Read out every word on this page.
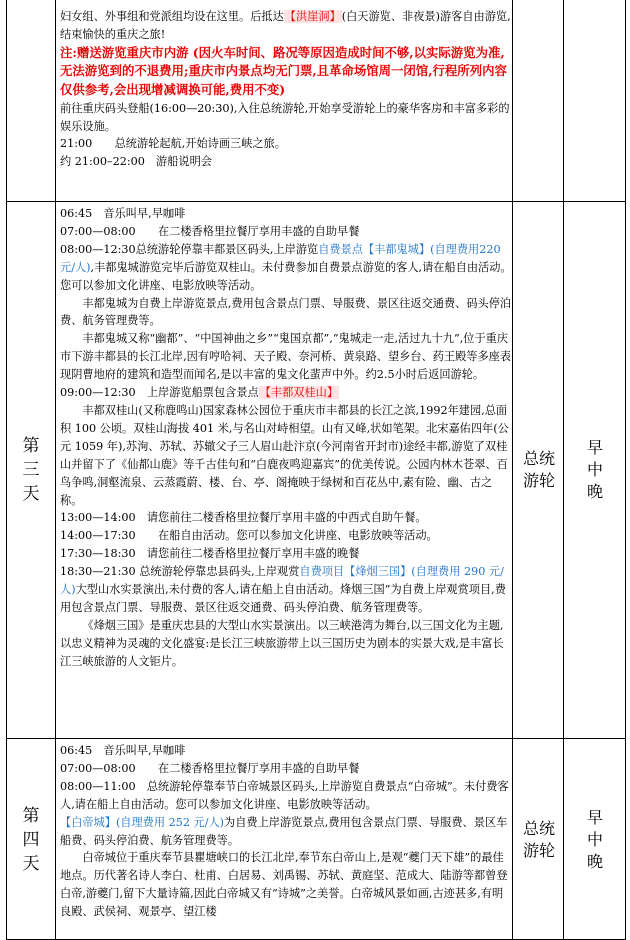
妇女组、外事组和党派组均设在这里。后抵达【洪崖洞】(白天游览、非夜景)游客自由游览,结束愉快的重庆之旅!

注:赠送游览重庆市内游 (因火车时间、路况等原因造成时间不够,以实际游览为准,无法游览到的不退费用;重庆市内景点均无门票,且革命场馆周一闭馆,行程所列内容仅供参考,会出现增减调换可能,费用不变)

前往重庆码头登船(16:00—20:30),入住总统游轮,开始享受游轮上的豪华客房和丰富多彩的娱乐设施。

21:00　　总统游轮起航,开始诗画三峡之旅。

约 21:00–22:00　游船说明会

第三天

06:45　音乐叫早,早咖啡

07:00—08:00　　在二楼香格里拉餐厅享用丰盛的自助早餐

08:00—12:30总统游轮停靠丰都景区码头,上岸游览自费景点【丰都鬼城】(自理费用220元/人),丰都鬼城游览完毕后游览双桂山。未付费参加自费景点游览的客人,请在船自由活动。您可以参加文化讲座、电影放映等活动。

丰都鬼城为自费上岸游览景点,费用包含景点门票、导服费、景区往返交通费、码头停泊费、航务管理费等。

丰都鬼城又称“幽都”、“中国神曲之乡”“鬼国京都”,“鬼城走一走,活过九十九”,位于重庆市下游丰都县的长江北岸,因有哼哈祠、天子殿、奈河桥、黄泉路、望乡台、药王殿等多座表现阴曹地府的建筑和造型而闻名,是以丰富的鬼文化蜚声中外。约2.5小时后返回游轮。

09:00—12:30　上岸游览船票包含景点【丰都双桂山】

丰都双桂山(又称鹿鸣山)国家森林公园位于重庆市丰都县的长江之滨,1992年建园,总面积 100 公顷。双桂山海拔 401 米,与名山对峙相望。山有又峰,状如笔架。北宋嘉佑四年(公元 1059 年),苏洵、苏轼、苏辙父子三人眉山赴汴京(今河南省开封市)途经丰都,游览了双桂山并留下了《仙都山鹿》等千古佳句和“白鹿夜鸣迎嘉宾”的优美传说。公园内林木苍翠、百鸟争鸣,洞壑流泉、云蒸霞蔚、楼、台、亭、阁掩映于绿树和百花丛中,素有险、幽、古之称。

13:00—14:00　请您前往二楼香格里拉餐厅享用丰盛的中西式自助午餐。

14:00—17:30　　在船自由活动。您可以参加文化讲座、电影放映等活动。

17:30—18:30　请您前往二楼香格里拉餐厅享用丰盛的晚餐

18:30—21:30 总统游轮停靠忠县码头,上岸观赏自费项目【烽烟三国】(自理费用 290 元/人)大型山水实景演出,未付费的客人,请在船上自由活动。烽烟三国”为自费上岸观赏项目,费用包含景点门票、导服费、景区往返交通费、码头停泊费、航务管理费等。

《烽烟三国》是重庆忠县的大型山水实景演出。以三峡港湾为舞台,以三国文化为主题,以忠义精神为灵魂的文化盛宴:是长江三峡旅游带上以三国历史为剧本的实景大戏,是丰富长江三峡旅游的人文钜片。

总统游轮
早中晚
第四天

06:45　音乐叫早,早咖啡

07:00—08:00　　在二楼香格里拉餐厅享用丰盛的自助早餐

08:00—11:00　总统游轮停靠奉节白帝城景区码头,上岸游览自费景点“白帝城”。未付费客人,请在船上自由活动。您可以参加文化讲座、电影放映等活动。

【白帝城】(自理费用 252 元/人)为自费上岸游览景点,费用包含景点门票、导服费、景区车船费、码头停泊费、航务管理费等。

白帝城位于重庆奉节县瞿塘峡口的长江北岸,奉节东白帝山上,是观“夔门天下雄”的最佳地点。历代著名诗人李白、杜甫、白居易、刘禹锡、苏轼、黄庭坚、范成大、陆游等都曾登白帝,游夔门,留下大量诗篇,因此白帝城又有“诗城”之美誉。白帝城风景如画,古迹甚多,有明良殿、武侯祠、观景亭、望江楼

总统游轮
早中晚
